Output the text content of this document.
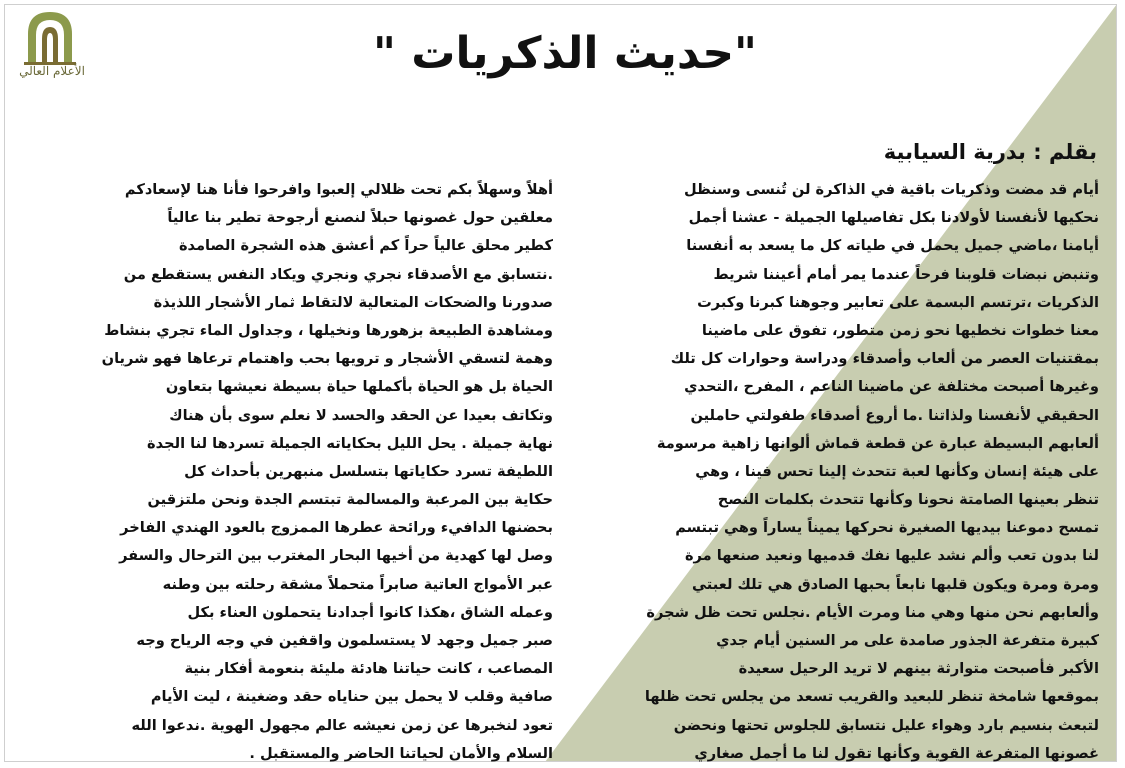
الأعلام العالي	"حديث الذكريات "
بقلم : بدرية السيابية
أيام قد مضت وذكريات باقية في الذاكرة لن تُنسى وسنظل
نحكيها لأنفسنا لأولادنا بكل تفاصيلها الجميلة - عشنا أجمل
أيامنا ،ماضي جميل يحمل في طياته كل ما يسعد به أنفسنا
وتنبض نبضات قلوبنا فرحاً عندما يمر أمام أعيننا شريط
الذكريات ،ترتسم البسمة على تعابير وجوهنا كبرنا وكبرت
معنا خطوات نخطيها نحو زمن متطور، تفوق على ماضينا
بمقتنيات العصر من ألعاب وأصدقاء ودراسة وحوارات كل تلك
وغيرها أصبحت مختلفة عن ماضينا الناعم ، المفرح ،التحدي
الحقيقي لأنفسنا ولذاتنا .ما أروع أصدقاء طفولتي حاملين
ألعابهم البسيطة عبارة عن قطعة قماش ألوانها زاهية مرسومة
على هيئة إنسان وكأنها لعبة تتحدث إلينا تحس فينا ، وهي
تنظر بعينها الصامتة نحونا وكأنها تتحدث بكلمات النصح
تمسح دموعنا بيديها الصغيرة نحركها يميناً يساراً وهي تبتسم
لنا بدون تعب وألم نشد عليها نفك قدميها ونعيد صنعها مرة
ومرة ومرة ويكون قلبها نابعاً بحبها الصادق هي تلك لعبتي
وألعابهم نحن منها وهي منا ومرت الأيام .نجلس تحت ظل شجرة
كبيرة متفرعة الجذور صامدة على مر السنين أيام جدي
الأكبر فأصبحت متوارثة بينهم لا تريد الرحيل سعيدة
بموقعها شامخة تنظر للبعيد والقريب تسعد من يجلس تحت ظلها
لتبعث بنسيم بارد وهواء عليل نتسابق للجلوس تحتها ونحضن
غصونها المتفرعة القوية وكأنها تقول لنا ما أجمل صغاري
أهلاً وسهلاً بكم تحت ظلالي إلعبوا وافرحوا فأنا هنا لإسعادكم
معلقين حول غصونها حبلاً لنصنع أرجوحة تطير بنا عالياً
كطير محلق عالياً حراً كم أعشق هذه الشجرة الصامدة
.نتسابق مع الأصدقاء نجري ونجري ويكاد النفس يستقطع من
صدورنا والضحكات المتعالية لالتقاط ثمار الأشجار اللذيذة
ومشاهدة الطبيعة بزهورها ونخيلها ، وجداول الماء تجري بنشاط
وهمة لتسقي الأشجار و ترويها بحب واهتمام ترعاها فهو شريان
الحياة بل هو الحياة بأكملها حياة بسيطة نعيشها بتعاون
وتكاتف بعيدا عن الحقد والحسد لا نعلم سوى بأن هناك
نهاية جميلة . يحل الليل بحكاياته الجميلة تسردها لنا الجدة
اللطيفة تسرد حكاياتها بتسلسل منبهرين بأحداث كل
حكاية بين المرعبة والمسالمة تبتسم الجدة ونحن ملتزقين
بحضنها الدافيء ورائحة عطرها الممزوج بالعود الهندي الفاخر
وصل لها كهدية من أخيها البحار المغترب بين الترحال والسفر
عبر الأمواج العاتية صابراً متحملاً مشقة رحلته بين وطنه
وعمله الشاق ،هكذا كانوا أجدادنا يتحملون العناء بكل
صبر جميل وجهد لا يستسلمون واقفين في وجه الرياح وجه
المصاعب ، كانت حياتنا هادئة مليئة بنعومة أفكار بنية
صافية وقلب لا يحمل بين حناياه حقد وضغينة ، ليت الأيام
تعود لنخبرها عن زمن نعيشه عالم مجهول الهوية .ندعوا الله
السلام والأمان لحياتنا الحاضر والمستقبل .
